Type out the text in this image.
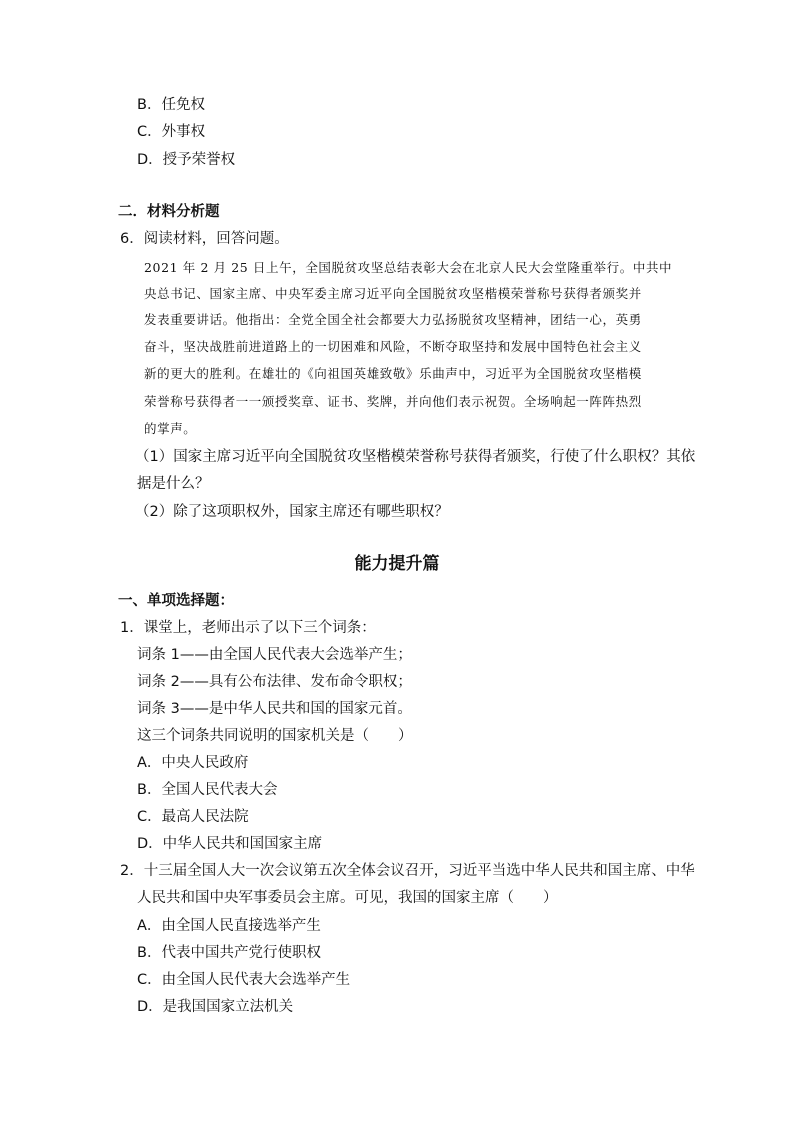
B．任免权
C．外事权
D．授予荣誉权
二．材料分析题
6．阅读材料，回答问题。
2021 年 2 月 25 日上午，全国脱贫攻坚总结表彰大会在北京人民大会堂隆重举行。中共中
央总书记、国家主席、中央军委主席习近平向全国脱贫攻坚楷模荣誉称号获得者颁奖并
发表重要讲话。他指出：全党全国全社会都要大力弘扬脱贫攻坚精神，团结一心，英勇
奋斗，坚决战胜前进道路上的一切困难和风险，不断夺取坚持和发展中国特色社会主义
新的更大的胜利。在雄壮的《向祖国英雄致敬》乐曲声中，习近平为全国脱贫攻坚楷模
荣誉称号获得者一一颁授奖章、证书、奖牌，并向他们表示祝贺。全场响起一阵阵热烈
的掌声。
（1）国家主席习近平向全国脱贫攻坚楷模荣誉称号获得者颁奖，行使了什么职权？其依
据是什么？
（2）除了这项职权外，国家主席还有哪些职权？
能力提升篇
一、单项选择题：
1．课堂上，老师出示了以下三个词条：
词条 1——由全国人民代表大会选举产生；
词条 2——具有公布法律、发布命令职权；
词条 3——是中华人民共和国的国家元首。
这三个词条共同说明的国家机关是（　　）
A．中央人民政府
B．全国人民代表大会
C．最高人民法院
D．中华人民共和国国家主席
2．十三届全国人大一次会议第五次全体会议召开，习近平当选中华人民共和国主席、中华
人民共和国中央军事委员会主席。可见，我国的国家主席（　　）
A．由全国人民直接选举产生
B．代表中国共产党行使职权
C．由全国人民代表大会选举产生
D．是我国国家立法机关
